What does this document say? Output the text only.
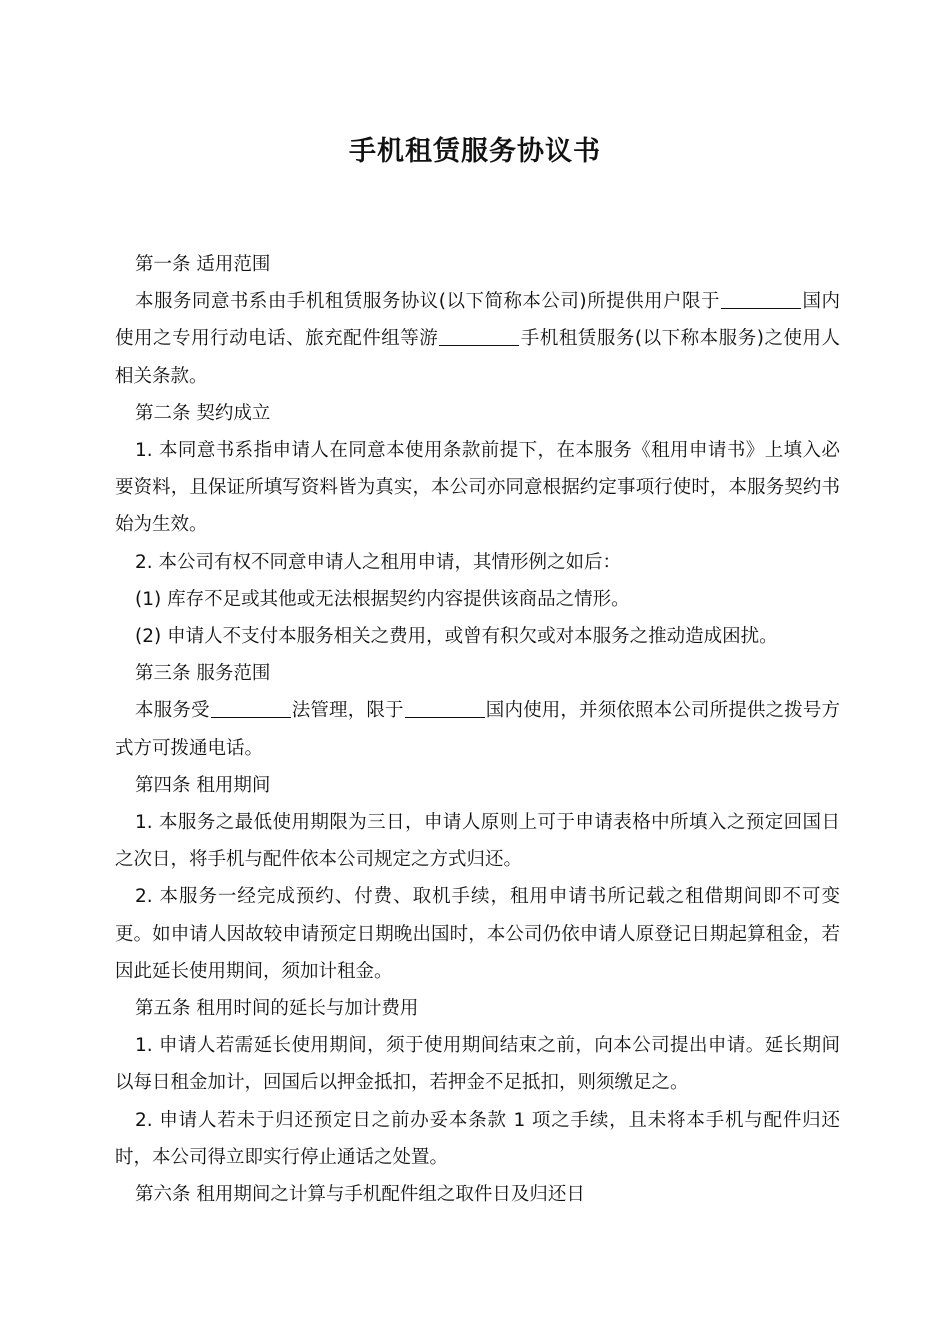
手机租赁服务协议书

第一条 适用范围

本服务同意书系由手机租赁服务协议(以下简称本公司)所提供用户限于	国内使用之专用行动电话、旅充配件组等游	手机租赁服务(以下称本服务)之使用人相关条款。

第二条 契约成立

1. 本同意书系指申请人在同意本使用条款前提下，在本服务《租用申请书》上填入必要资料，且保证所填写资料皆为真实，本公司亦同意根据约定事项行使时，本服务契约书始为生效。

2. 本公司有权不同意申请人之租用申请，其情形例之如后：

(1) 库存不足或其他或无法根据契约内容提供该商品之情形。

(2) 申请人不支付本服务相关之费用，或曾有积欠或对本服务之推动造成困扰。

第三条 服务范围

本服务受	法管理，限于	国内使用，并须依照本公司所提供之拨号方式方可拨通电话。

第四条 租用期间

1. 本服务之最低使用期限为三日，申请人原则上可于申请表格中所填入之预定回国日之次日，将手机与配件依本公司规定之方式归还。

2. 本服务一经完成预约、付费、取机手续，租用申请书所记载之租借期间即不可变更。如申请人因故较申请预定日期晚出国时，本公司仍依申请人原登记日期起算租金，若因此延长使用期间，须加计租金。

第五条 租用时间的延长与加计费用

1. 申请人若需延长使用期间，须于使用期间结束之前，向本公司提出申请。延长期间以每日租金加计，回国后以押金抵扣，若押金不足抵扣，则须缴足之。

2. 申请人若未于归还预定日之前办妥本条款 1 项之手续，且未将本手机与配件归还时，本公司得立即实行停止通话之处置。

第六条 租用期间之计算与手机配件组之取件日及归还日
